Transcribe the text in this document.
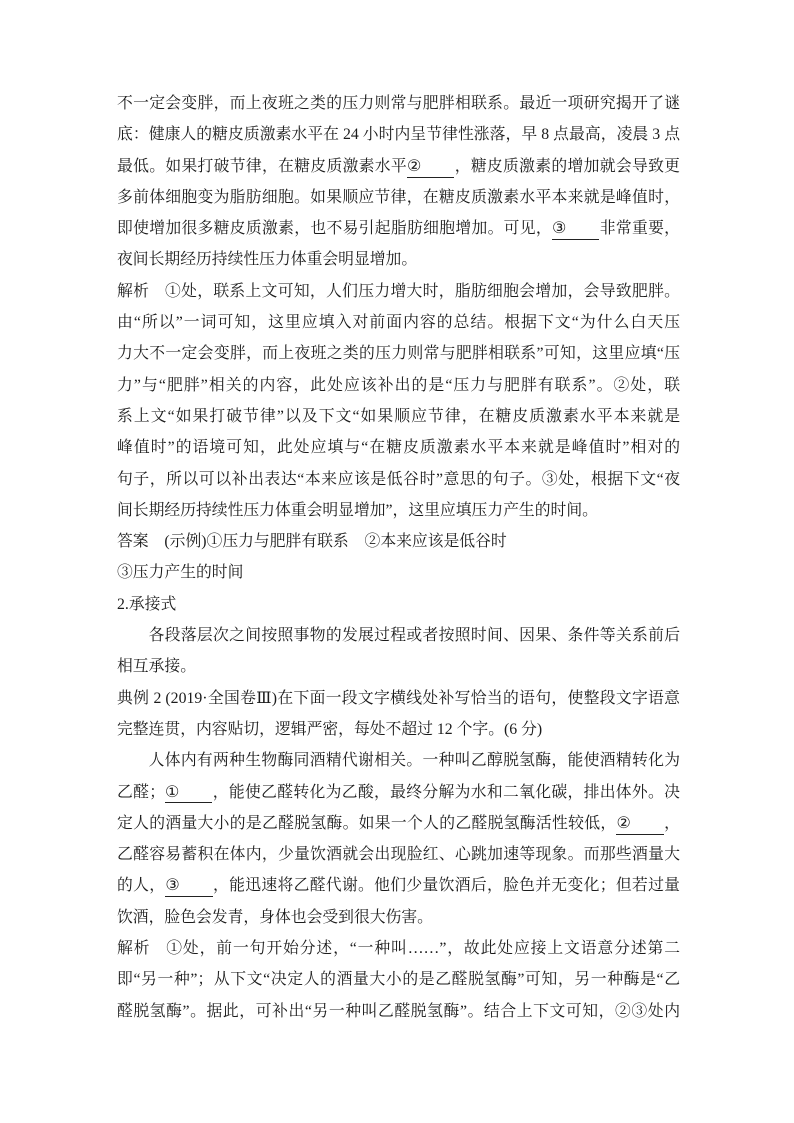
不一定会变胖，而上夜班之类的压力则常与肥胖相联系。最近一项研究揭开了谜
底：健康人的糖皮质激素水平在 24 小时内呈节律性涨落，早 8 点最高，凌晨 3 点
最低。如果打破节律，在糖皮质激素水平② ，糖皮质激素的增加就会导致更
多前体细胞变为脂肪细胞。如果顺应节律，在糖皮质激素水平本来就是峰值时，
即使增加很多糖皮质激素，也不易引起脂肪细胞增加。可见，③ 非常重要，
夜间长期经历持续性压力体重会明显增加。
解析 ①处，联系上文可知，人们压力增大时，脂肪细胞会增加，会导致肥胖。
由“所以”一词可知，这里应填入对前面内容的总结。根据下文“为什么白天压
力大不一定会变胖，而上夜班之类的压力则常与肥胖相联系”可知，这里应填“压
力”与“肥胖”相关的内容，此处应该补出的是“压力与肥胖有联系”。②处，联
系上文“如果打破节律”以及下文“如果顺应节律，在糖皮质激素水平本来就是
峰值时”的语境可知，此处应填与“在糖皮质激素水平本来就是峰值时”相对的
句子，所以可以补出表达“本来应该是低谷时”意思的句子。③处，根据下文“夜
间长期经历持续性压力体重会明显增加”，这里应填压力产生的时间。
答案 (示例)①压力与肥胖有联系 ②本来应该是低谷时
③压力产生的时间
2.承接式
各段落层次之间按照事物的发展过程或者按照时间、因果、条件等关系前后
相互承接。
典例 2 (2019·全国卷Ⅲ)在下面一段文字横线处补写恰当的语句，使整段文字语意
完整连贯，内容贴切，逻辑严密，每处不超过 12 个字。(6 分)
人体内有两种生物酶同酒精代谢相关。一种叫乙醇脱氢酶，能使酒精转化为
乙醛；① ，能使乙醛转化为乙酸，最终分解为水和二氧化碳，排出体外。决
定人的酒量大小的是乙醛脱氢酶。如果一个人的乙醛脱氢酶活性较低，② ，
乙醛容易蓄积在体内，少量饮酒就会出现脸红、心跳加速等现象。而那些酒量大
的人，③ ，能迅速将乙醛代谢。他们少量饮酒后，脸色并无变化；但若过量
饮酒，脸色会发青，身体也会受到很大伤害。
解析 ①处，前一句开始分述，“一种叫……”，故此处应接上文语意分述第二
即“另一种”；从下文“决定人的酒量大小的是乙醛脱氢酶”可知，另一种酶是“乙
醛脱氢酶”。据此，可补出“另一种叫乙醛脱氢酶”。结合上下文可知，②③处内
